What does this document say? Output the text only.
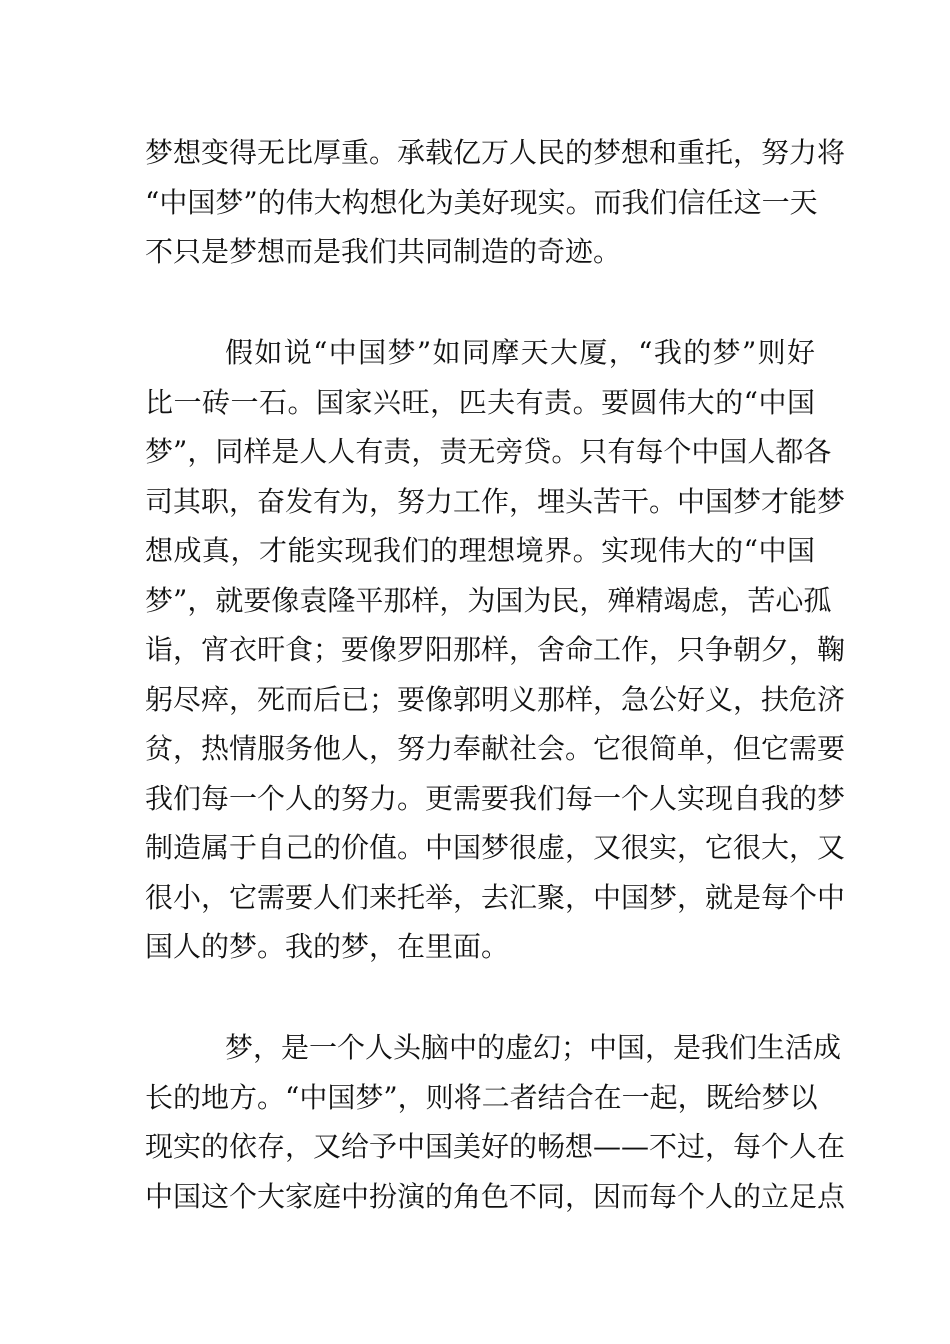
梦想变得无比厚重。承载亿万人民的梦想和重托，努力将
“中国梦”的伟大构想化为美好现实。而我们信任这一天
不只是梦想而是我们共同制造的奇迹。
假如说“中国梦”如同摩天大厦，“我的梦”则好
比一砖一石。国家兴旺，匹夫有责。要圆伟大的“中国
梦”，同样是人人有责，责无旁贷。只有每个中国人都各
司其职，奋发有为，努力工作，埋头苦干。中国梦才能梦
想成真，才能实现我们的理想境界。实现伟大的“中国
梦”，就要像袁隆平那样，为国为民，殚精竭虑，苦心孤
诣，宵衣旰食；要像罗阳那样，舍命工作，只争朝夕，鞠
躬尽瘁，死而后已；要像郭明义那样，急公好义，扶危济
贫，热情服务他人，努力奉献社会。它很简单，但它需要
我们每一个人的努力。更需要我们每一个人实现自我的梦
制造属于自己的价值。中国梦很虚，又很实，它很大，又
很小，它需要人们来托举，去汇聚，中国梦，就是每个中
国人的梦。我的梦，在里面。
梦，是一个人头脑中的虚幻；中国，是我们生活成
长的地方。“中国梦”，则将二者结合在一起，既给梦以
现实的依存，又给予中国美好的畅想——不过，每个人在
中国这个大家庭中扮演的角色不同，因而每个人的立足点
